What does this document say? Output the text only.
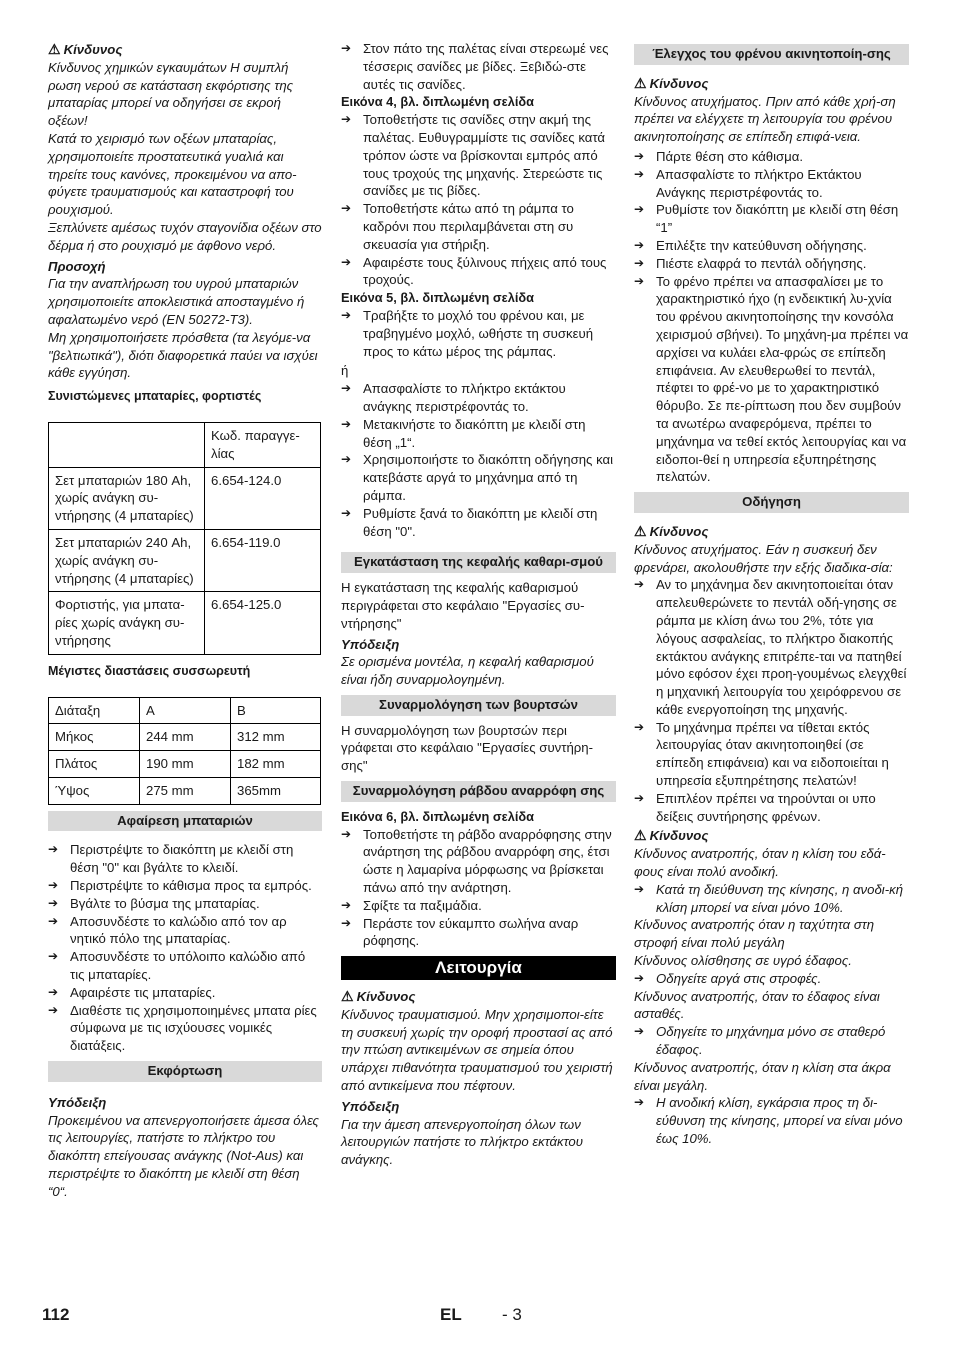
⚠ Κίνδυνος

Κίνδυνος χημικών εγκαυμάτων Η συμπλή ρωση νερού σε κατάσταση εκφόρτισης της μπαταρίας μπορεί να οδηγήσει σε εκροή οξέων!

Κατά το χειρισμό των οξέων μπαταρίας, χρησιμοποιείτε προστατευτικά γυαλιά και τηρείτε τους κανόνες, προκειμένου να απο-φύγετε τραυματισμούς και καταστροφή του ρουχισμού.

Ξεπλύνετε αμέσως τυχόν σταγονίδια οξέων στο δέρμα ή στο ρουχισμό με άφθονο νερό.

Προσοχή

Για την αναπλήρωση του υγρού μπαταριών χρησιμοποιείτε αποκλειστικά αποσταγμένο ή αφαλατωμένο νερό (EN 50272-T3).

Μη χρησιμοποιήσετε πρόσθετα (τα λεγόμε-να "βελτιωτικά"), διότι διαφορετικά παύει να ισχύει κάθε εγγύηση.

Συνιστώμενες μπαταρίες, φορτιστές

	Κωδ. παραγγε-λίας
Σετ μπαταριών 180 Ah, χωρίς ανάγκη συ-ντήρησης (4 μπαταρίες)	6.654-124.0
Σετ μπαταριών 240 Ah, χωρίς ανάγκη συ-ντήρησης (4 μπαταρίες)	6.654-119.0
Φορτιστής, για μπατα-ρίες χωρίς ανάγκη συ-ντήρησης	6.654-125.0

Μέγιστες διαστάσεις συσσωρευτή

Διάταξη	A	B
Μήκος	244 mm	312 mm
Πλάτος	190 mm	182 mm
Ύψος	275 mm	365mm
Αφαίρεση μπαταριών
➔ Περιστρέψτε το διακόπτη με κλειδί στη θέση "0" και βγάλτε το κλειδί.
➔ Περιστρέψτε το κάθισμα προς τα εμπρός.
➔ Βγάλτε το βύσμα της μπαταρίας.
➔ Αποσυνδέστε το καλώδιο από τον αρ νητικό πόλο της μπαταρίας.
➔ Αποσυνδέστε το υπόλοιπο καλώδιο από τις μπαταρίες.
➔ Αφαιρέστε τις μπαταρίες.
➔ Διαθέστε τις χρησιμοποιημένες μπατα ρίες σύμφωνα με τις ισχύουσες νομικές διατάξεις.
Εκφόρτωση

Υπόδειξη

Προκειμένου να απενεργοποιήσετε άμεσα όλες τις λειτουργίες, πατήστε το πλήκτρο του διακόπτη επείγουσας ανάγκης (Not-Aus) και περιστρέψτε το διακόπτη με κλειδί στη θέση “0“.

➔ Στον πάτο της παλέτας είναι στερεωμέ νες τέσσερις σανίδες με βίδες. Ξεβιδώ-στε αυτές τις σανίδες.

Εικόνα 4, βλ. διπλωμένη σελίδα

➔ Τοποθετήστε τις σανίδες στην ακμή της παλέτας. Ευθυγραμμίστε τις σανίδες κατά τρόπον ώστε να βρίσκονται εμπρός από τους τροχούς της μηχανής. Στερεώστε τις σανίδες με τις βίδες.
➔ Τοποθετήστε κάτω από τη ράμπα το καδρόνι που περιλαμβάνεται στη συ σκευασία για στήριξη.
➔ Αφαιρέστε τους ξύλινους πήχεις από τους τροχούς.

Εικόνα 5, βλ. διπλωμένη σελίδα

➔ Τραβήξτε το μοχλό του φρένου και, με τραβηγμένο μοχλό, ωθήστε τη συσκευή προς το κάτω μέρος της ράμπας.

ή

➔ Απασφαλίστε το πλήκτρο εκτάκτου ανάγκης περιστρέφοντάς το.
➔ Μετακινήστε το διακόπτη με κλειδί στη θέση „1“.
➔ Χρησιμοποιήστε το διακόπτη οδήγησης και κατεβάστε αργά το μηχάνημα από τη ράμπα.
➔ Ρυθμίστε ξανά το διακόπτη με κλειδί στη θέση "0".
Εγκατάσταση της κεφαλής καθαρι-σμού

Η εγκατάσταση της κεφαλής καθαρισμού περιγράφεται στο κεφάλαιο "Εργασίες συ-ντήρησης"

Υπόδειξη

Σε ορισμένα μοντέλα, η κεφαλή καθαρισμού είναι ήδη συναρμολογημένη.

Συναρμολόγηση των βουρτσών

Η συναρμολόγηση των βουρτσών περι γράφεται στο κεφάλαιο "Εργασίες συντήρη-σης"

Συναρμολόγηση ράβδου αναρρόφη σης

Εικόνα 6, βλ. διπλωμένη σελίδα

➔ Τοποθετήστε τη ράβδο αναρρόφησης στην ανάρτηση της ράβδου αναρρόφη σης, έτσι ώστε η λαμαρίνα μόρφωσης να βρίσκεται πάνω από την ανάρτηση.
➔ Σφίξτε τα παξιμάδια.
➔ Περάστε τον εύκαμπτο σωλήνα αναρ ρόφησης.
Λειτουργία
⚠ Κίνδυνος

Κίνδυνος τραυματισμού. Μην χρησιμοποι-είτε τη συσκευή χωρίς την οροφή προστασί ας από την πτώση αντικειμένων σε σημεία όπου υπάρχει πιθανότητα τραυματισμού του χειριστή από αντικείμενα που πέφτουν.

Υπόδειξη

Για την άμεση απενεργοποίηση όλων των λειτουργιών πατήστε το πλήκτρο εκτάκτου ανάγκης.

Έλεγχος του φρένου ακινητοποίη-σης
⚠ Κίνδυνος

Κίνδυνος ατυχήματος. Πριν από κάθε χρή-ση πρέπει να ελέγχετε τη λειτουργία του φρένου ακινητοποίησης σε επίπεδη επιφά-νεια.

➔ Πάρτε θέση στο κάθισμα.
➔ Απασφαλίστε το πλήκτρο Εκτάκτου Ανάγκης περιστρέφοντάς το.
➔ Ρυθμίστε τον διακόπτη με κλειδί στη θέση “1”
➔ Επιλέξτε την κατεύθυνση οδήγησης.
➔ Πιέστε ελαφρά το πεντάλ οδήγησης.
➔ Το φρένο πρέπει να απασφαλίσει με το χαρακτηριστικό ήχο (η ενδεικτική λυ-χνία του φρένου ακινητοποίησης την κονσόλα χειρισμού σβήνει). Το μηχάνη-μα πρέπει να αρχίσει να κυλάει ελα-φρώς σε επίπεδη επιφάνεια. Αν ελευθερωθεί το πεντάλ, πέφτει το φρέ-νο με το χαρακτηριστικό θόρυβο. Σε πε-ρίπτωση που δεν συμβούν τα ανωτέρω αναφερόμενα, πρέπει το μηχάνημα να τεθεί εκτός λειτουργίας και να ειδοποι-θεί η υπηρεσία εξυπηρέτησης πελατών.
Οδήγηση
⚠ Κίνδυνος

Κίνδυνος ατυχήματος. Εάν η συσκευή δεν φρενάρει, ακολουθήστε την εξής διαδικα-σία:

➔ Αν το μηχάνημα δεν ακινητοποιείται όταν απελευθερώνετε το πεντάλ οδή-γησης σε ράμπα με κλίση άνω του 2%, τότε για λόγους ασφαλείας, το πλήκτρο διακοπής εκτάκτου ανάγκης επιτρέπε-ται να πατηθεί μόνο εφόσον έχει προη-γουμένως ελεγχθεί η μηχανική λειτουργία του χειρόφρενου σε κάθε ενεργοποίηση της μηχανής.
➔ Το μηχάνημα πρέπει να τίθεται εκτός λειτουργίας όταν ακινητοποιηθεί (σε επίπεδη επιφάνεια) και να ειδοποιείται η υπηρεσία εξυπηρέτησης πελατών!
➔ Επιπλέον πρέπει να τηρούνται οι υπο δείξεις συντήρησης φρένων.
⚠ Κίνδυνος

Κίνδυνος ανατροπής, όταν η κλίση του εδά-φους είναι πολύ ανοδική.

➔ Κατά τη διεύθυνση της κίνησης, η ανοδι-κή κλίση μπορεί να είναι μόνο 10%.

Κίνδυνος ανατροπής όταν η ταχύτητα στη στροφή είναι πολύ μεγάλη

Κίνδυνος ολίσθησης σε υγρό έδαφος.

➔ Οδηγείτε αργά στις στροφές.

Κίνδυνος ανατροπής, όταν το έδαφος είναι ασταθές.

➔ Οδηγείτε το μηχάνημα μόνο σε σταθερό έδαφος.

Κίνδυνος ανατροπής, όταν η κλίση στα άκρα είναι μεγάλη.

➔ Η ανοδική κλίση, εγκάρσια προς τη δι-εύθυνση της κίνησης, μπορεί να είναι μόνο έως 10%.
112	EL - 3
